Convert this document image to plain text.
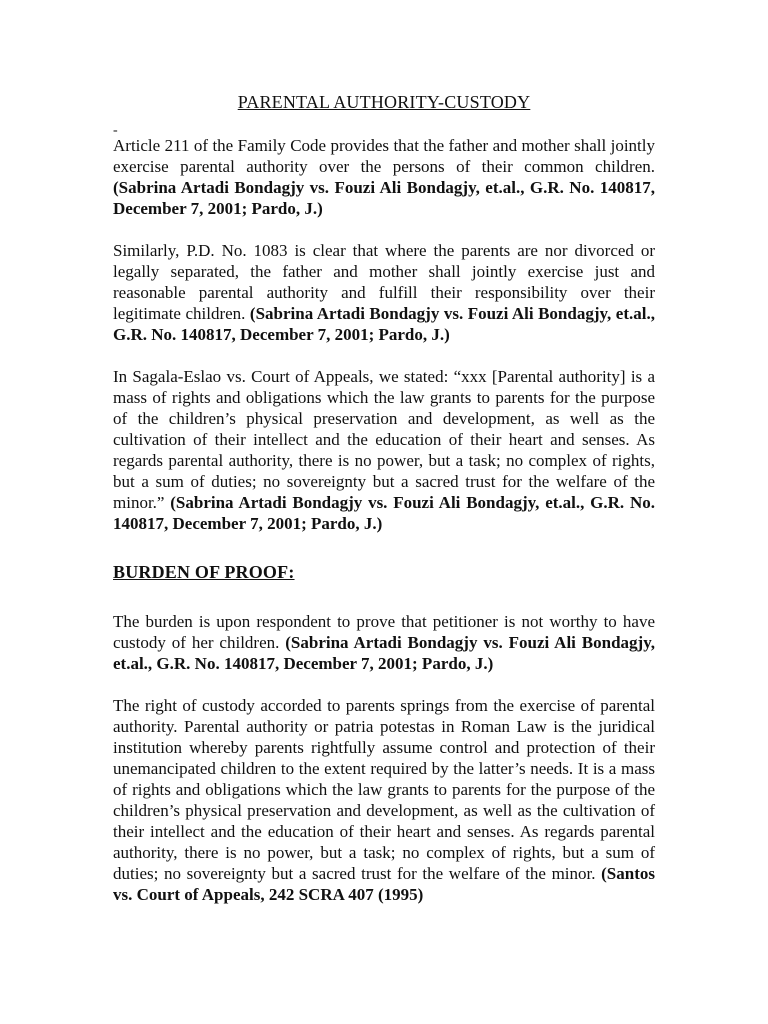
PARENTAL AUTHORITY-CUSTODY
-

Article 211 of the Family Code provides that the father and mother shall jointly exercise parental authority over the persons of their common children. (Sabrina Artadi Bondagjy vs. Fouzi Ali Bondagjy, et.al., G.R. No. 140817, December 7, 2001; Pardo, J.)

Similarly, P.D. No. 1083 is clear that where the parents are nor divorced or legally separated, the father and mother shall jointly exercise just and reasonable parental authority and fulfill their responsibility over their legitimate children. (Sabrina Artadi Bondagjy vs. Fouzi Ali Bondagjy, et.al., G.R. No. 140817, December 7, 2001; Pardo, J.)

In Sagala-Eslao vs. Court of Appeals, we stated: “xxx [Parental authority] is a mass of rights and obligations which the law grants to parents for the purpose of the children’s physical preservation and development, as well as the cultivation of their intellect and the education of their heart and senses. As regards parental authority, there is no power, but a task; no complex of rights, but a sum of duties; no sovereignty but a sacred trust for the welfare of the minor.” (Sabrina Artadi Bondagjy vs. Fouzi Ali Bondagjy, et.al., G.R. No. 140817, December 7, 2001; Pardo, J.)

BURDEN OF PROOF:

The burden is upon respondent to prove that petitioner is not worthy to have custody of her children. (Sabrina Artadi Bondagjy vs. Fouzi Ali Bondagjy, et.al., G.R. No. 140817, December 7, 2001; Pardo, J.)

The right of custody accorded to parents springs from the exercise of parental authority. Parental authority or patria potestas in Roman Law is the juridical institution whereby parents rightfully assume control and protection of their unemancipated children to the extent required by the latter’s needs. It is a mass of rights and obligations which the law grants to parents for the purpose of the children’s physical preservation and development, as well as the cultivation of their intellect and the education of their heart and senses. As regards parental authority, there is no power, but a task; no complex of rights, but a sum of duties; no sovereignty but a sacred trust for the welfare of the minor. (Santos vs. Court of Appeals, 242 SCRA 407 (1995)
